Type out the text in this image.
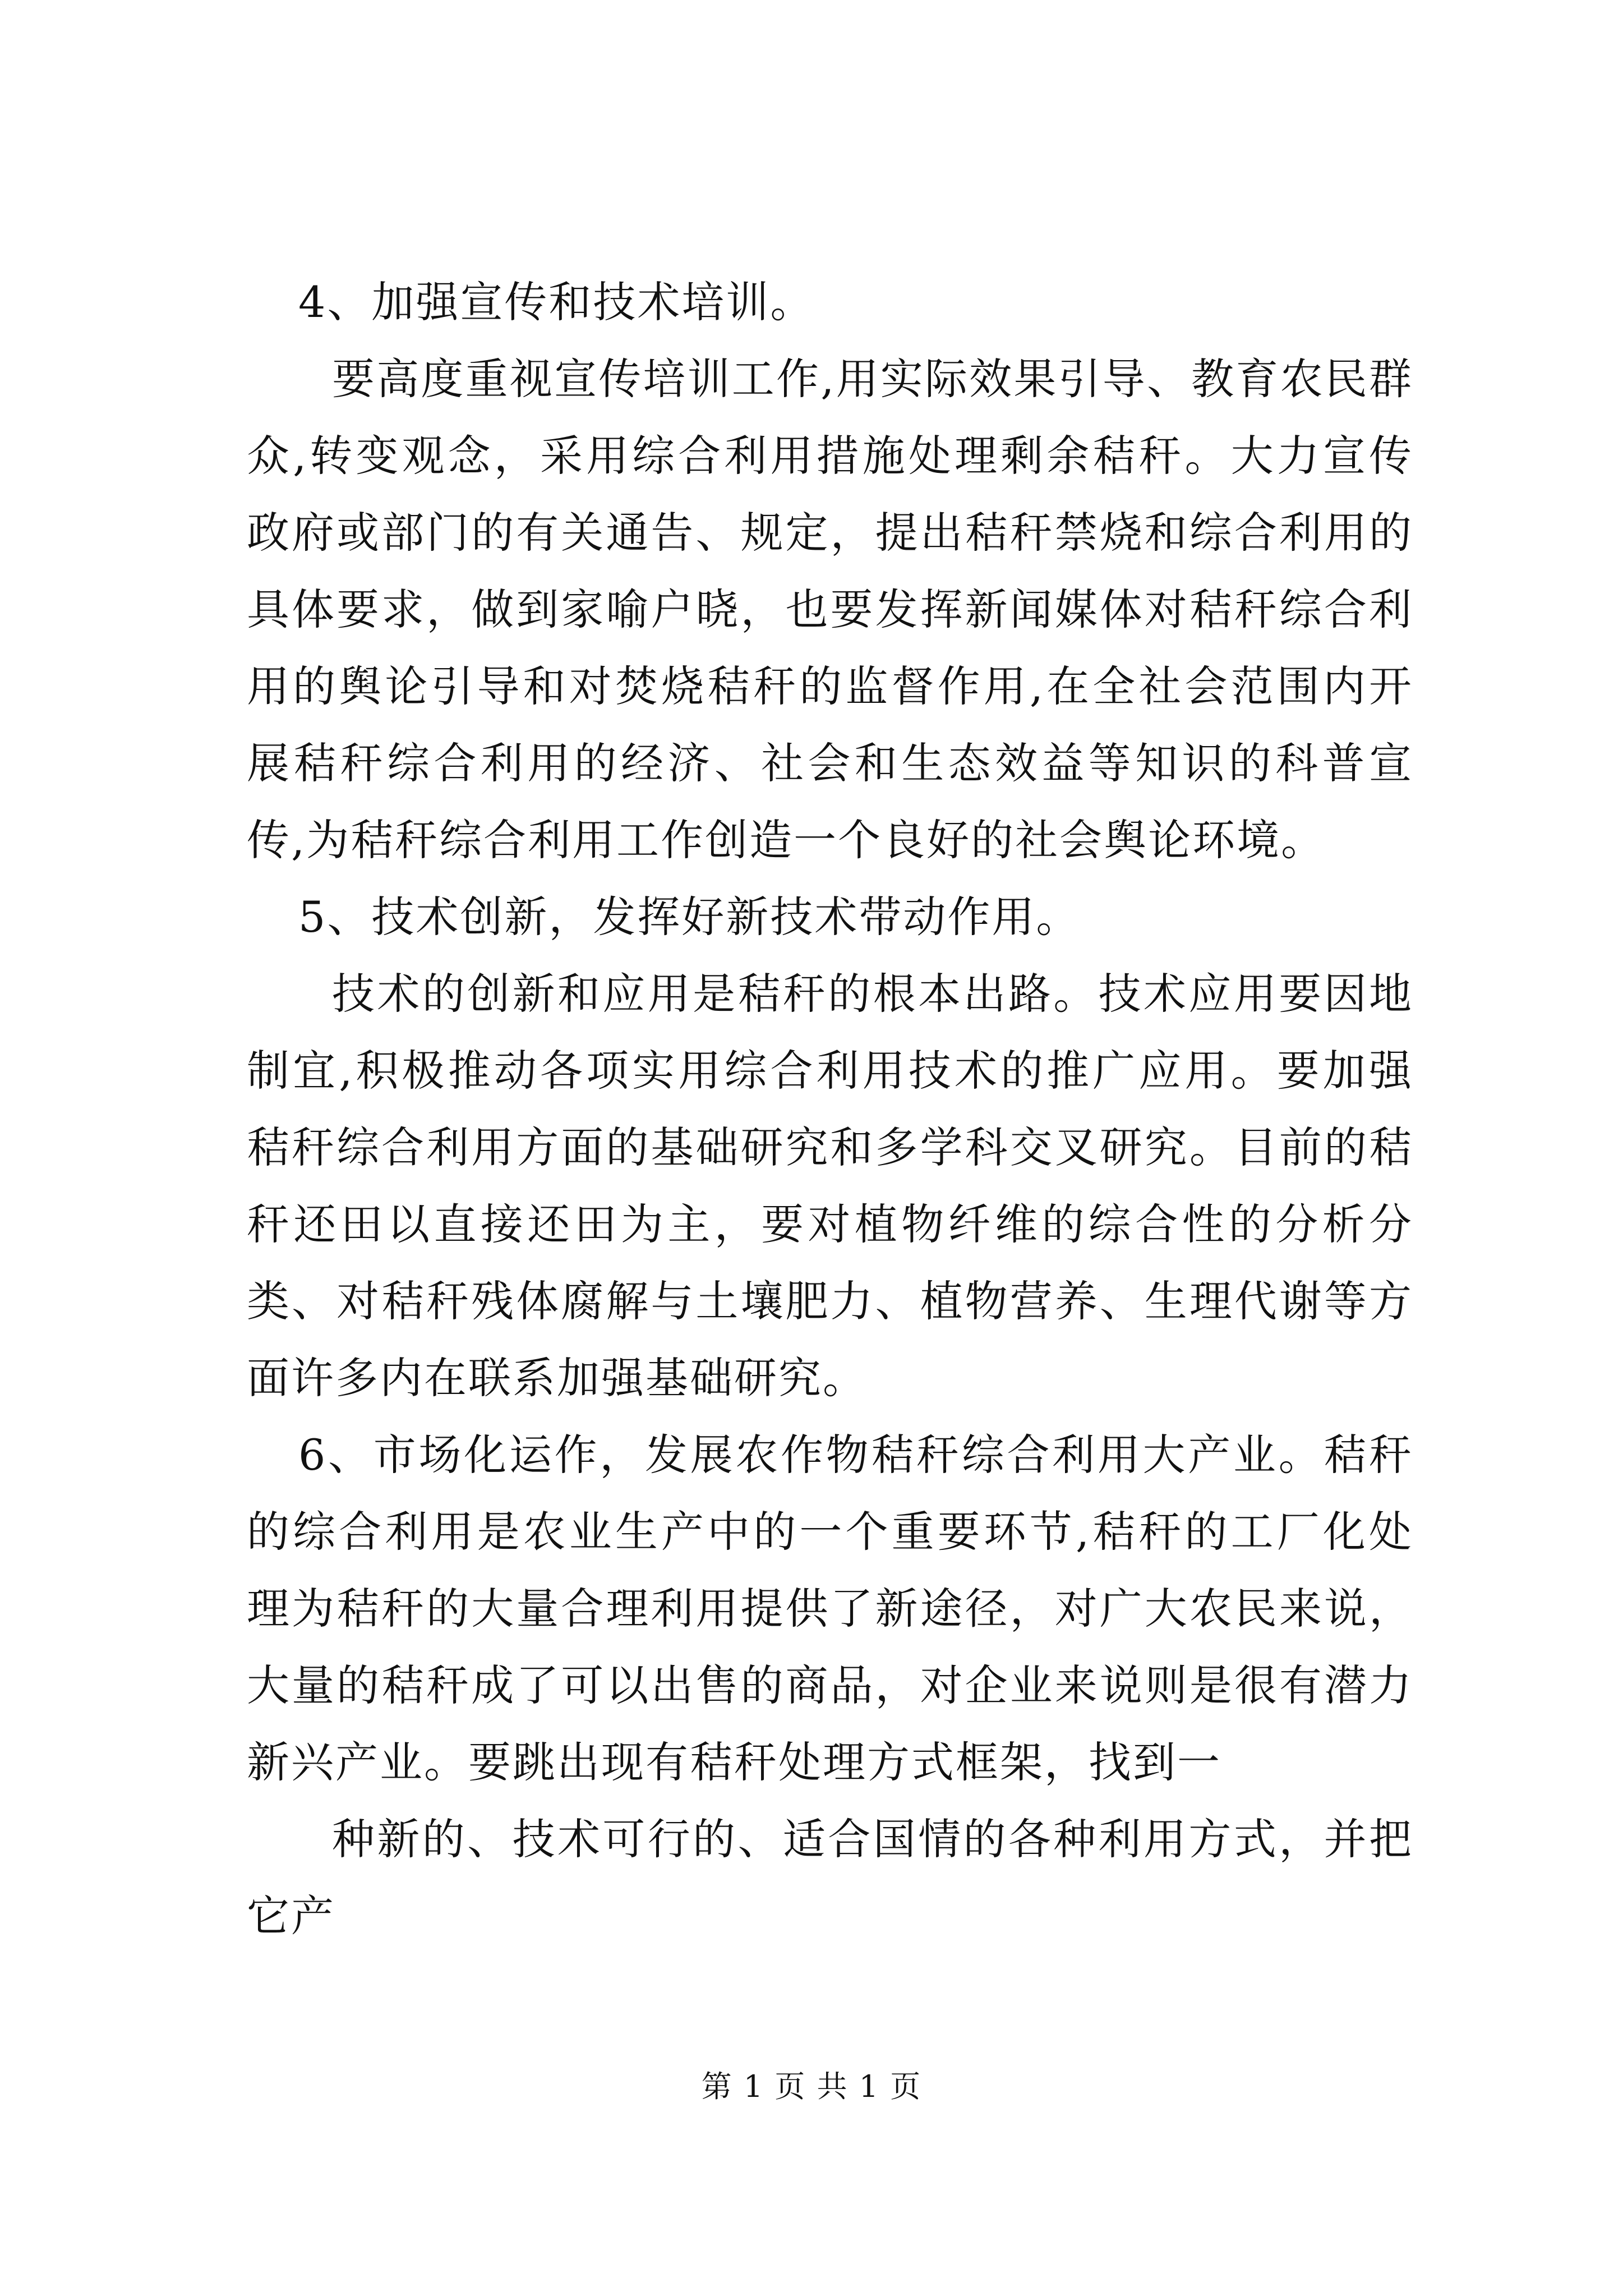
4、加强宣传和技术培训。

要高度重视宣传培训工作,用实际效果引导、教育农民群众,转变观念，采用综合利用措施处理剩余秸秆。大力宣传政府或部门的有关通告、规定，提出秸秆禁烧和综合利用的具体要求，做到家喻户晓，也要发挥新闻媒体对秸秆综合利用的舆论引导和对焚烧秸秆的监督作用,在全社会范围内开展秸秆综合利用的经济、社会和生态效益等知识的科普宣传,为秸秆综合利用工作创造一个良好的社会舆论环境。

5、技术创新，发挥好新技术带动作用。

技术的创新和应用是秸秆的根本出路。技术应用要因地制宜,积极推动各项实用综合利用技术的推广应用。要加强秸秆综合利用方面的基础研究和多学科交叉研究。目前的秸秆还田以直接还田为主，要对植物纤维的综合性的分析分类、对秸秆残体腐解与土壤肥力、植物营养、生理代谢等方面许多内在联系加强基础研究。

6、市场化运作，发展农作物秸秆综合利用大产业。秸秆的综合利用是农业生产中的一个重要环节,秸秆的工厂化处理为秸秆的大量合理利用提供了新途径，对广大农民来说，大量的秸秆成了可以出售的商品，对企业来说则是很有潜力新兴产业。要跳出现有秸秆处理方式框架，找到一

种新的、技术可行的、适合国情的各种利用方式，并把它产

第 1 页 共 1 页
